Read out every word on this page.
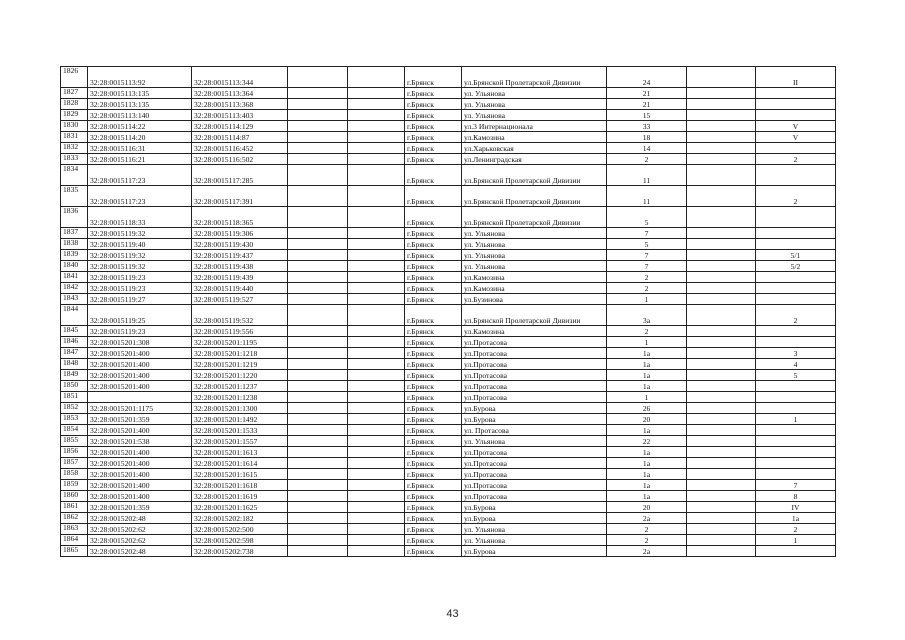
1826	32:28:0015113:92	32:28:0015113:344			г.Брянск	ул.Брянской Пролетарской Дивизии	24		II
1827	32:28:0015113:135	32:28:0015113:364			г.Брянск	ул. Ульянова	21		
1828	32:28:0015113:135	32:28:0015113:368			г.Брянск	ул. Ульянова	21		
1829	32:28:0015113:140	32:28:0015113:403			г.Брянск	ул. Ульянова	15		
1830	32:28:0015114:22	32:28:0015114:129			г.Брянск	ул.3 Интернационала	33		V
1831	32:28:0015114:20	32:28:0015114:87			г.Брянск	ул.Камозина	18		V
1832	32:28:0015116:31	32:28:0015116:452			г.Брянск	ул.Харьковская	14		
1833	32:28:0015116:21	32:28:0015116:502			г.Брянск	ул.Ленинградская	2		2
1834	32:28:0015117:23	32:28:0015117:285			г.Брянск	ул.Брянской Пролетарской Дивизии	11		
1835	32:28:0015117:23	32:28:0015117:391			г.Брянск	ул.Брянской Пролетарской Дивизии	11		2
1836	32:28:0015118:33	32:28:0015118:365			г.Брянск	ул.Брянской Пролетарской Дивизии	5		
1837	32:28:0015119:32	32:28:0015119:306			г.Брянск	ул. Ульянова	7		
1838	32:28:0015119:40	32:28:0015119:430			г.Брянск	ул. Ульянова	5		
1839	32:28:0015119:32	32:28:0015119:437			г.Брянск	ул. Ульянова	7		5/1
1840	32:28:0015119:32	32:28:0015119:438			г.Брянск	ул. Ульянова	7		5/2
1841	32:28:0015119:23	32:28:0015119:439			г.Брянск	ул.Камозина	2		
1842	32:28:0015119:23	32:28:0015119:440			г.Брянск	ул.Камозина	2		
1843	32:28:0015119:27	32:28:0015119:527			г.Брянск	ул.Бузинова	1		
1844	32:28:0015119:25	32:28:0015119:532			г.Брянск	ул.Брянской Пролетарской Дивизии	3а		2
1845	32:28:0015119:23	32:28:0015119:556			г.Брянск	ул.Камозина	2		
1846	32:28:0015201:308	32:28:0015201:1195			г.Брянск	ул.Протасова	1		
1847	32:28:0015201:400	32:28:0015201:1218			г.Брянск	ул.Протасова	1а		3
1848	32:28:0015201:400	32:28:0015201:1219			г.Брянск	ул.Протасова	1а		4
1849	32:28:0015201:400	32:28:0015201:1220			г.Брянск	ул.Протасова	1а		5
1850	32:28:0015201:400	32:28:0015201:1237			г.Брянск	ул.Протасова	1а		
1851		32:28:0015201:1238			г.Брянск	ул.Протасова	1		
1852	32:28:0015201:1175	32:28:0015201:1300			г.Брянск	ул.Бурова	26		
1853	32:28:0015201:359	32:28:0015201:1492			г.Брянск	ул.Бурова	20		1
1854	32:28:0015201:400	32:28:0015201:1533			г.Брянск	ул. Протасова	1а		
1855	32:28:0015201:538	32:28:0015201:1557			г.Брянск	ул. Ульянова	22		
1856	32:28:0015201:400	32:28:0015201:1613			г.Брянск	ул.Протасова	1а		
1857	32:28:0015201:400	32:28:0015201:1614			г.Брянск	ул.Протасова	1а		
1858	32:28:0015201:400	32:28:0015201:1615			г.Брянск	ул.Протасова	1а		
1859	32:28:0015201:400	32:28:0015201:1618			г.Брянск	ул.Протасова	1а		7
1860	32:28:0015201:400	32:28:0015201:1619			г.Брянск	ул.Протасова	1а		8
1861	32:28:0015201:359	32:28:0015201:1625			г.Брянск	ул.Бурова	20		IV
1862	32:28:0015202:48	32:28:0015202:182			г.Брянск	ул.Бурова	2а		1а
1863	32:28:0015202:62	32:28:0015202:500			г.Брянск	ул. Ульянова	2		2
1864	32:28:0015202:62	32:28:0015202:598			г.Брянск	ул. Ульянова	2		1
1865	32:28:0015202:48	32:28:0015202:738			г.Брянск	ул.Бурова	2а		
43
